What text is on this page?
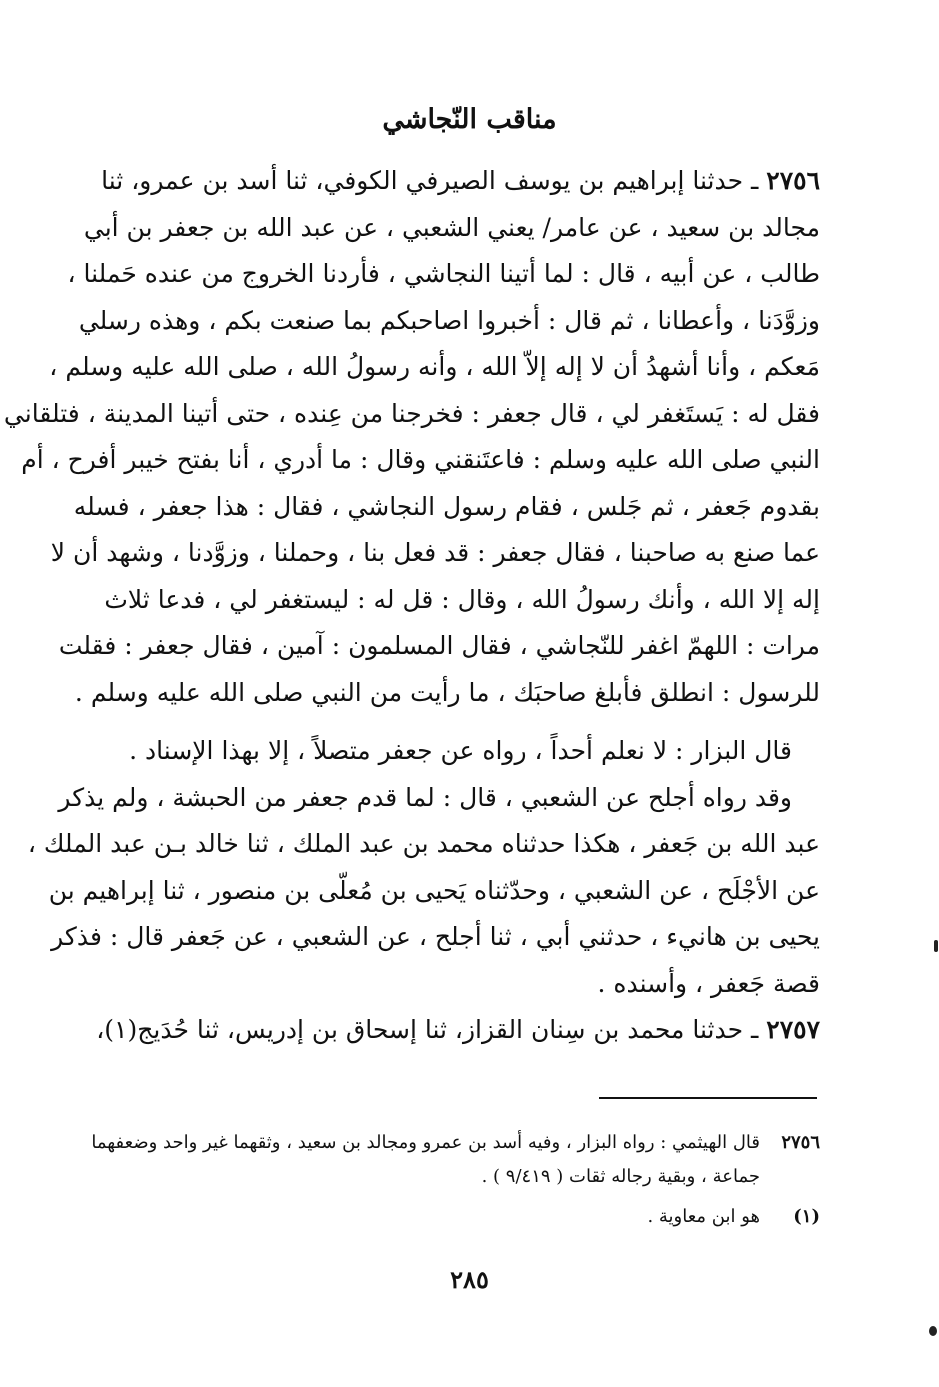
مناقب النّجاشي
٢٧٥٦ ـ حدثنا إبراهيم بن يوسف الصيرفي الكوفي، ثنا أسد بن عمرو، ثنا
مجالد بن سعيد ، عن عامر/ يعني الشعبي ، عن عبد الله بن جعفر بن أبي
طالب ، عن أبيه ، قال : لما أتينا النجاشي ، فأردنا الخروج من عنده حَملنا ،
وزوَّدَنا ، وأعطانا ، ثم قال : أخبروا اصاحبكم بما صنعت بكم ، وهذه رسلي
مَعكم ، وأنا أشهدُ أن لا إله إلاّ الله ، وأنه رسولُ الله ، صلى الله عليه وسلم ،
فقل له : يَستَغفر لي ، قال جعفر : فخرجنا من عِنده ، حتى أتينا المدينة ، فتلقاني
النبي صلى الله عليه وسلم : فاعتَنقني وقال : ما أدري ، أنا بفتح خيبر أفرح ، أم
بقدوم جَعفر ، ثم جَلس ، فقام رسول النجاشي ، فقال : هذا جعفر ، فسله
عما صنع به صاحبنا ، فقال جعفر : قد فعل بنا ، وحملنا ، وزوَّدنا ، وشهد أن لا
إله إلا الله ، وأنك رسولُ الله ، وقال : قل له : ليستغفر لي ، فدعا ثلاث
مرات : اللهمّ اغفر للنّجاشي ، فقال المسلمون : آمين ، فقال جعفر : فقلت
للرسول : انطلق فأبلغ صاحبَك ، ما رأيت من النبي صلى الله عليه وسلم .
قال البزار : لا نعلم أحداً ، رواه عن جعفر متصلاً ، إلا بهذا الإسناد .
وقد رواه أجلح عن الشعبي ، قال : لما قدم جعفر من الحبشة ، ولم يذكر
عبد الله بن جَعفر ، هكذا حدثناه محمد بن عبد الملك ، ثنا خالد بـن عبد الملك ،
عن الأجْلَح ، عن الشعبي ، وحدّثناه يَحيى بن مُعلّى بن منصور ، ثنا إبراهيم بن
يحيى بن هانيء ، حدثني أبي ، ثنا أجلح ، عن الشعبي ، عن جَعفر قال : فذكر
قصة جَعفر ، وأسنده .
٢٧٥٧ ـ حدثنا محمد بن سِنان القزاز، ثنا إسحاق بن إدريس، ثنا حُدَيج(١)،
٢٧٥٦
قال الهيثمي : رواه البزار ، وفيه أسد بن عمرو ومجالد بن سعيد ، وثقهما غير واحد وضعفهما
جماعة ، وبقية رجاله ثقات ( ٩/٤١٩ ) .
(١)
هو ابن معاوية .
٢٨٥
